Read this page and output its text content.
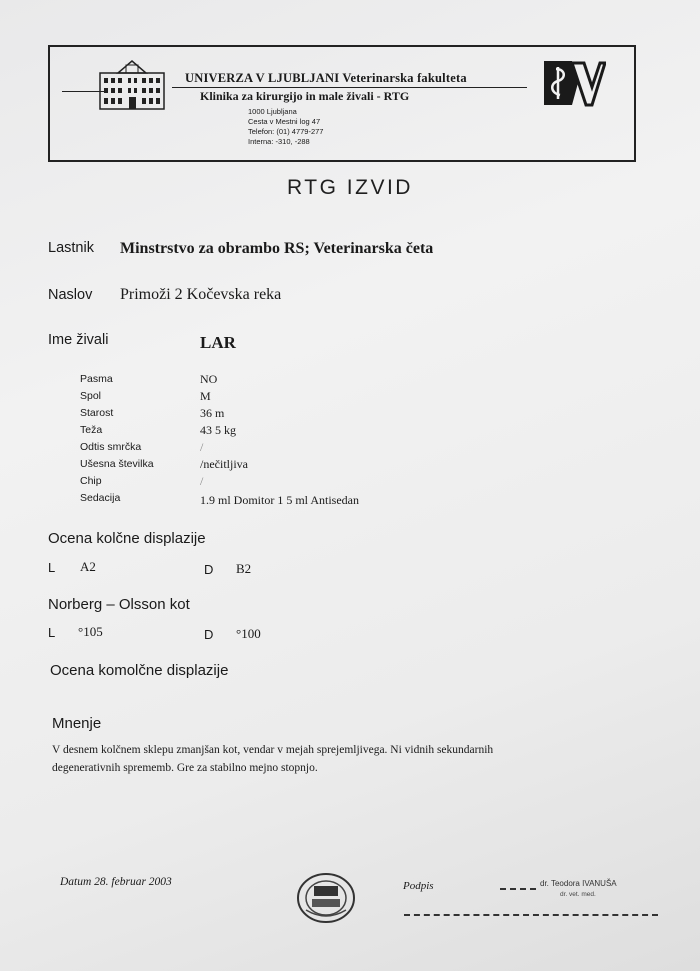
UNIVERZA V LJUBLJANI Veterinarska fakulteta
Klinika za kirurgijo in male živali - RTG
1000 Ljubljana
Cesta v Mestni log 47
Telefon: (01) 4779-277
Interna: -310, -288
RTG IZVID
Lastnik Minstrstvo za obrambo RS; Veterinarska četa
Naslov Primoži 2 Kočevska reka
Ime živali	LAR
Pasma	NO
Spol	M
Starost	36 m
Teža	43 5 kg
Odtis smrčka	/
Ušesna številka	/nečitljiva
Chip	/
Sedacija	1.9 ml Domitor 1 5 ml Antisedan
Ocena kolčne displazije
L A2	D B2
Norberg – Olsson kot
L °105	D °100
Ocena komolčne displazije
Mnenje
V desnem kolčnem sklepu zmanjšan kot, vendar v mejah sprejemljivega. Ni vidnih sekundarnih
degenerativnih sprememb. Gre za stabilno mejno stopnjo.
Datum 28. februar 2003	Podpis	dr. Teodora IVANUŠA
dr. vet. med.
